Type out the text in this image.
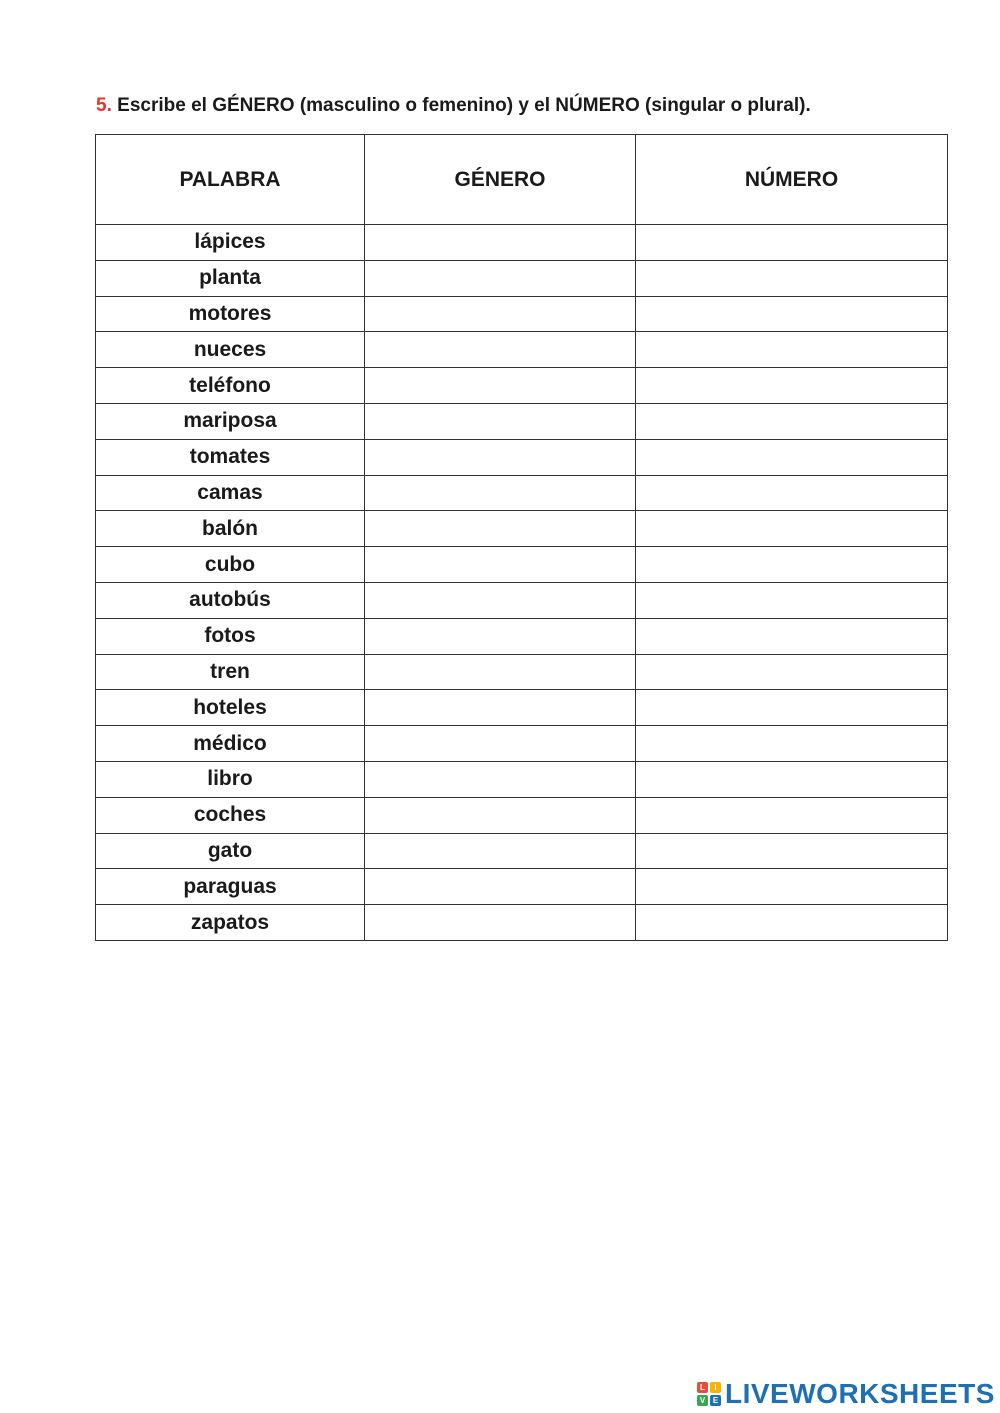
5. Escribe el GÉNERO (masculino o femenino) y el NÚMERO (singular o plural).
PALABRA	GÉNERO	NÚMERO
lápices		
planta		
motores		
nueces		
teléfono		
mariposa		
tomates		
camas		
balón		
cubo		
autobús		
fotos		
tren		
hoteles		
médico		
libro		
coches		
gato		
paraguas		
zapatos		
L	I
V E LIVEWORKSHEETS
